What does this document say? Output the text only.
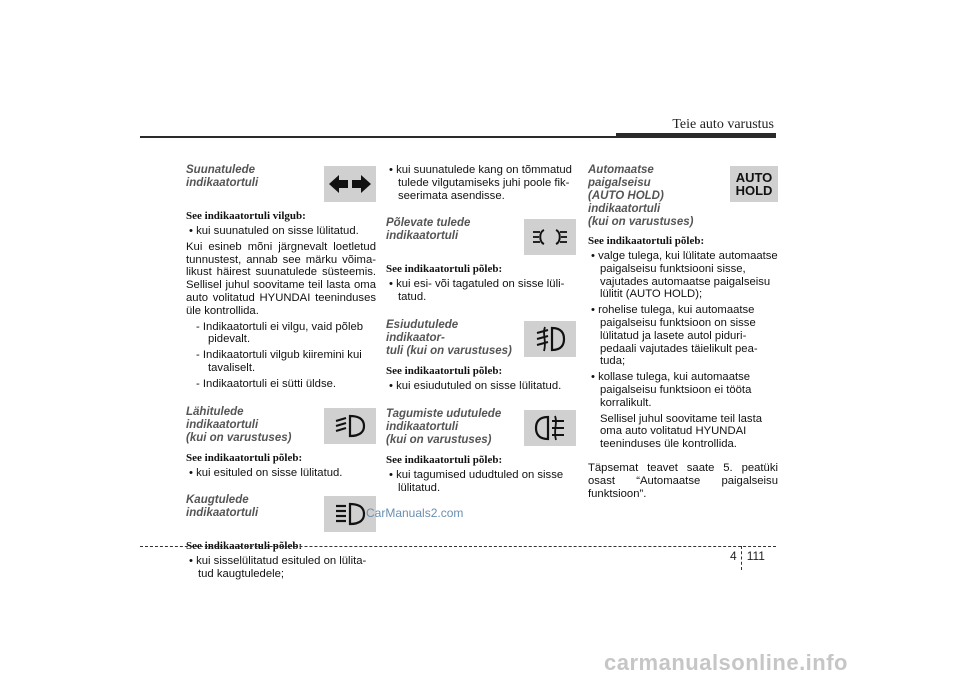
Teie auto varustus
Suunatulede
indikaatortuli
See indikaatortuli vilgub:

• kui suunatuled on sisse lülitatud.

Kui esineb mõni järgnevalt loetletud tunnustest, annab see märku võimalikust häirest suunatulede süsteemis. Sellisel juhul soovitame teil lasta oma auto volitatud HYUNDAI teeninduses üle kontrollida.

- Indikaatortuli ei vilgu, vaid põleb pidevalt.

- Indikaatortuli vilgub kiiremini kui tavaliselt.

- Indikaatortuli ei sütti üldse.

Lähitulede indikaatortuli
(kui on varustuses)
See indikaatortuli põleb:

• kui esituled on sisse lülitatud.

Kaugtulede
indikaatortuli
See indikaatortuli põleb:

• kui sisselülitatud esituled on lülitatud kaugtuledele;

• kui suunatulede kang on tõmmatud tulede vilgutamiseks juhi poole fikseerimata asendisse.

Põlevate tulede
indikaatortuli
See indikaatortuli põleb:

• kui esi- või tagatuled on sisse lülitatud.

Esiudutulede indikaator-
tuli (kui on varustuses)
See indikaatortuli põleb:

• kui esiudutuled on sisse lülitatud.

Tagumiste udutulede
indikaatortuli
(kui on varustuses)
See indikaatortuli põleb:

• kui tagumised ududtuled on sisse lülitatud.

Automaatse paigalseisu
(AUTO HOLD)
indikaatortuli
(kui on varustuses)
AUTO
HOLD
See indikaatortuli põleb:

• valge tulega, kui lülitate automaatse paigalseisu funktsiooni sisse, vajutades automaatse paigalseisu lülitit (AUTO HOLD);

• rohelise tulega, kui automaatse paigalseisu funktsioon on sisse lülitatud ja lasete autol piduripedaali vajutades täielikult peatuda;

• kollase tulega, kui automaatse paigalseisu funktsioon ei tööta korralikult.

Sellisel juhul soovitame teil lasta oma auto volitatud HYUNDAI teeninduses üle kontrollida.

Täpsemat teavet saate 5. peatüki osast “Automaatse paigalseisu funktsioon”.

CarManuals2.com
4 111
carmanualsonline.info
